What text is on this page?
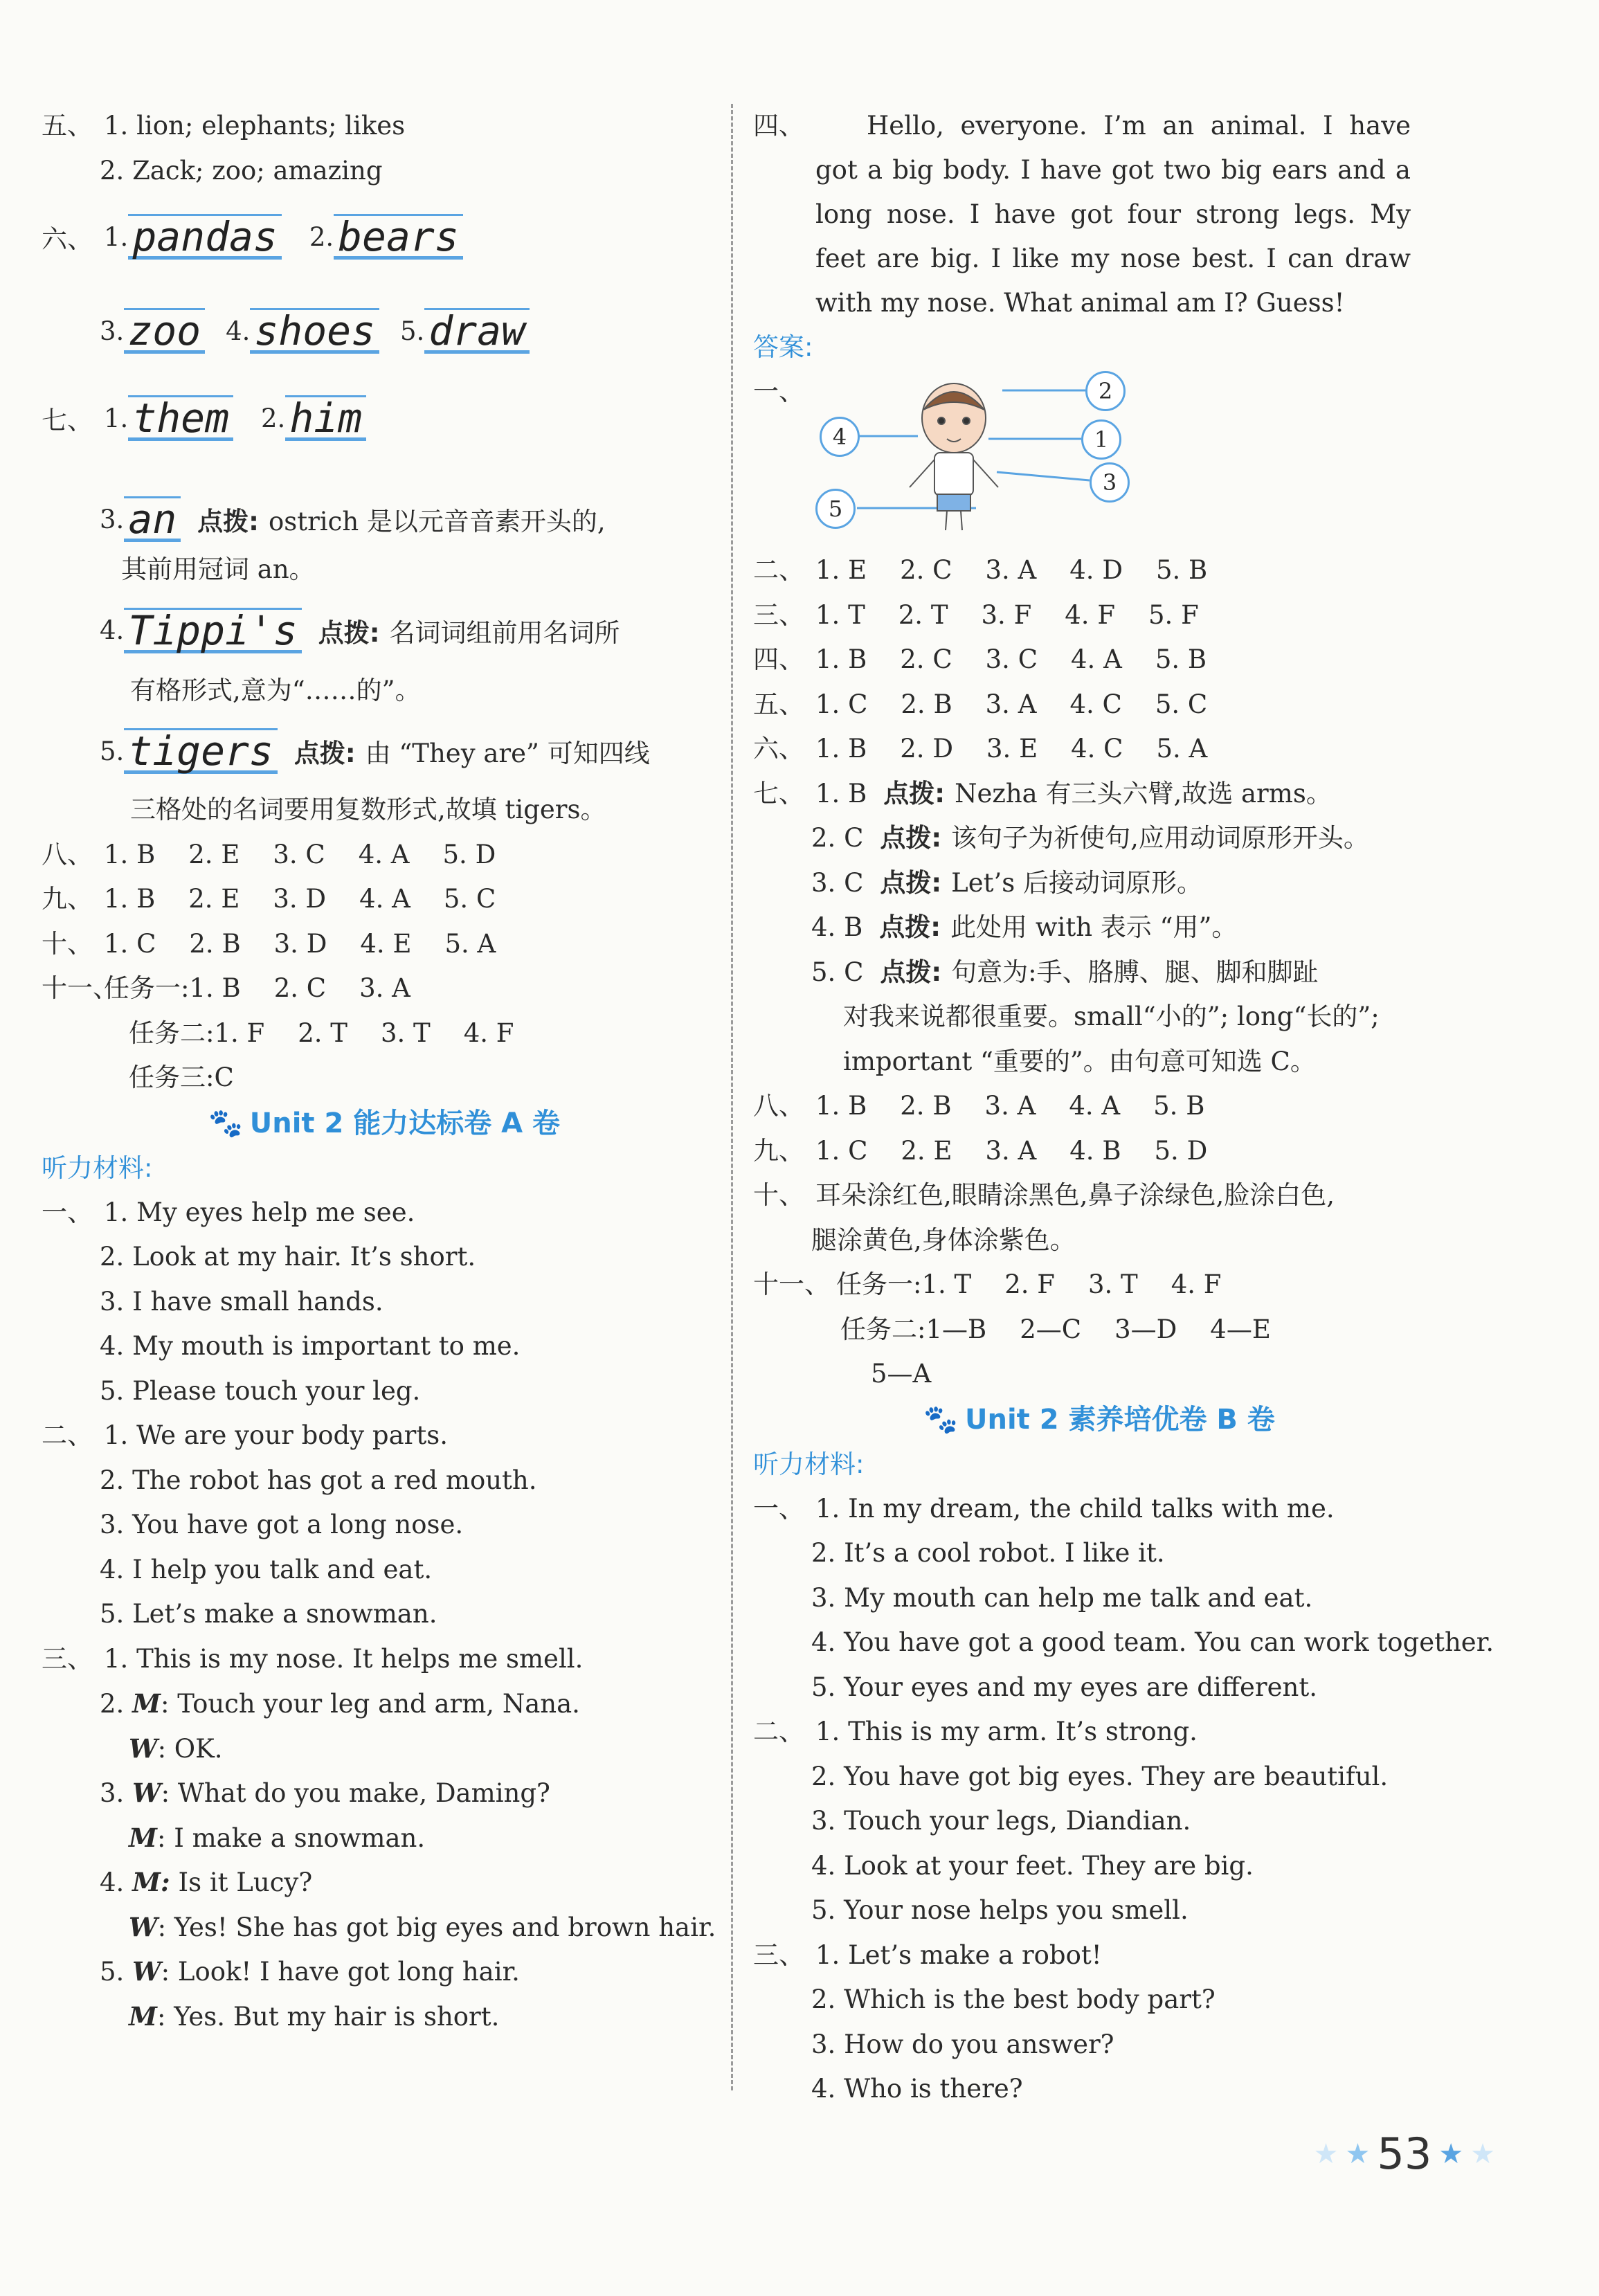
五、 1. lion; elephants; likes
2. Zack; zoo; amazing
六、 1. pandas 2. bears
3. zoo 4. shoes 5. draw
七、 1. them 2. him
3. an 点拨: ostrich 是以元音音素开头的,
其前用冠词 an。
4. Tippi's 点拨: 名词词组前用名词所
有格形式,意为“……的”。
5. tigers 点拨: 由 “They are” 可知四线
三格处的名词要用复数形式,故填 tigers。
八、 1. B 2. E 3. C 4. A 5. D
九、 1. B 2. E 3. D 4. A 5. C
十、 1. C 2. B 3. D 4. E 5. A
十一、任务一:1. B 2. C 3. A
任务二:1. F 2. T 3. T 4. F
任务三:C
🐾 Unit 2 能力达标卷 A 卷
听力材料:
一、 1. My eyes help me see.
2. Look at my hair. It’s short.
3. I have small hands.
4. My mouth is important to me.
5. Please touch your leg.
二、 1. We are your body parts.
2. The robot has got a red mouth.
3. You have got a long nose.
4. I help you talk and eat.
5. Let’s make a snowman.
三、 1. This is my nose. It helps me smell.
2. M: Touch your leg and arm, Nana.
W: OK.
3. W: What do you make, Daming?
M: I make a snowman.
4. M: Is it Lucy?
W: Yes! She has got big eyes and brown hair.
5. W: Look! I have got long hair.
M: Yes. But my hair is short.
四、	Hello, everyone. I’m an animal. I have got a big body. I have got two big ears and a long nose. I have got four strong legs. My feet are big. I like my nose best. I can draw with my nose. What animal am I? Guess!
答案:
一、	2
4	1
3
5
二、 1. E 2. C 3. A 4. D 5. B
三、 1. T 2. T 3. F 4. F 5. F
四、 1. B 2. C 3. C 4. A 5. B
五、 1. C 2. B 3. A 4. C 5. C
六、 1. B 2. D 3. E 4. C 5. A
七、 1. B 点拨: Nezha 有三头六臂,故选 arms。
2. C 点拨: 该句子为祈使句,应用动词原形开头。
3. C 点拨: Let’s 后接动词原形。
4. B 点拨: 此处用 with 表示 “用”。
5. C 点拨: 句意为:手、胳膊、腿、脚和脚趾
对我来说都很重要。small“小的”; long“长的”;
important “重要的”。由句意可知选 C。
八、 1. B 2. B 3. A 4. A 5. B
九、 1. C 2. E 3. A 4. B 5. D
十、 耳朵涂红色,眼睛涂黑色,鼻子涂绿色,脸涂白色,
腿涂黄色,身体涂紫色。
十一、 任务一:1. T 2. F 3. T 4. F
任务二:1—B 2—C 3—D 4—E
5—A
🐾 Unit 2 素养培优卷 B 卷
听力材料:
一、 1. In my dream, the child talks with me.
2. It’s a cool robot. I like it.
3. My mouth can help me talk and eat.
4. You have got a good team. You can work together.
5. Your eyes and my eyes are different.
二、 1. This is my arm. It’s strong.
2. You have got big eyes. They are beautiful.
3. Touch your legs, Diandian.
4. Look at your feet. They are big.
5. Your nose helps you smell.
三、 1. Let’s make a robot!
2. Which is the best body part?
3. How do you answer?
4. Who is there?
★ ★ 53 ★ ★
